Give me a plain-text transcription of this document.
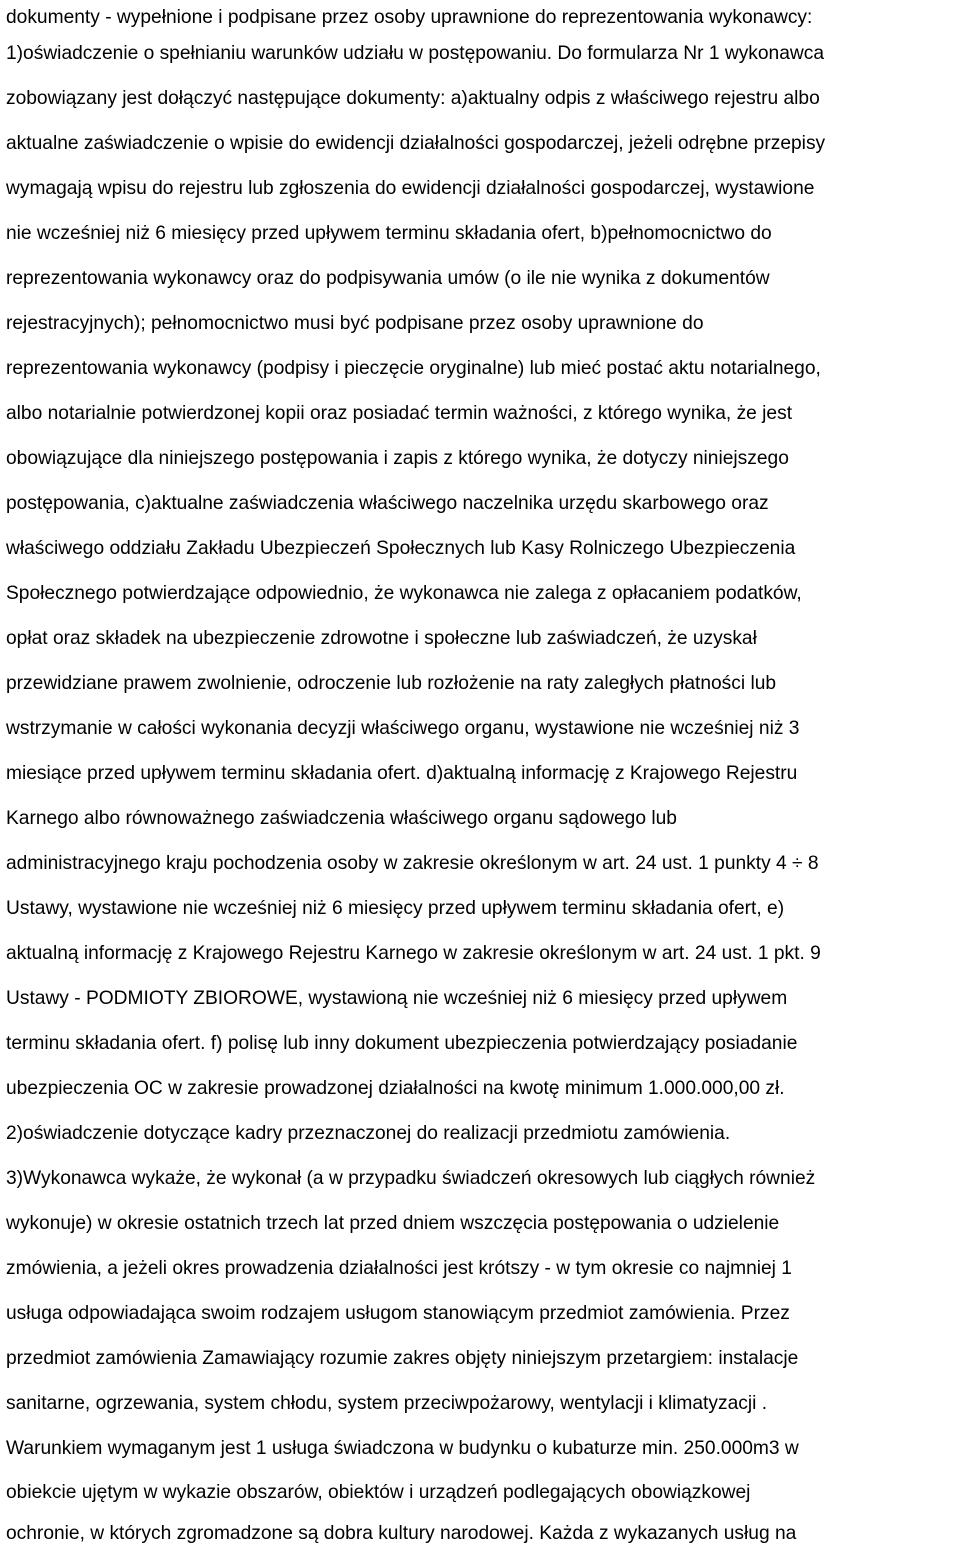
dokumenty - wypełnione i podpisane przez osoby uprawnione do reprezentowania wykonawcy:
1)oświadczenie o spełnianiu warunków udziału w postępowaniu. Do formularza Nr 1 wykonawca
zobowiązany jest dołączyć następujące dokumenty: a)aktualny odpis z właściwego rejestru albo
aktualne zaświadczenie o wpisie do ewidencji działalności gospodarczej, jeżeli odrębne przepisy
wymagają wpisu do rejestru lub zgłoszenia do ewidencji działalności gospodarczej, wystawione
nie wcześniej niż 6 miesięcy przed upływem terminu składania ofert, b)pełnomocnictwo do
reprezentowania wykonawcy oraz do podpisywania umów (o ile nie wynika z dokumentów
rejestracyjnych); pełnomocnictwo musi być podpisane przez osoby uprawnione do
reprezentowania wykonawcy (podpisy i pieczęcie oryginalne) lub mieć postać aktu notarialnego,
albo notarialnie potwierdzonej kopii oraz posiadać termin ważności, z którego wynika, że jest
obowiązujące dla niniejszego postępowania i zapis z którego wynika, że dotyczy niniejszego
postępowania, c)aktualne zaświadczenia właściwego naczelnika urzędu skarbowego oraz
właściwego oddziału Zakładu Ubezpieczeń Społecznych lub Kasy Rolniczego Ubezpieczenia
Społecznego potwierdzające odpowiednio, że wykonawca nie zalega z opłacaniem podatków,
opłat oraz składek na ubezpieczenie zdrowotne i społeczne lub zaświadczeń, że uzyskał
przewidziane prawem zwolnienie, odroczenie lub rozłożenie na raty zaległych płatności lub
wstrzymanie w całości wykonania decyzji właściwego organu, wystawione nie wcześniej niż 3
miesiące przed upływem terminu składania ofert. d)aktualną informację z Krajowego Rejestru
Karnego albo równoważnego zaświadczenia właściwego organu sądowego lub
administracyjnego kraju pochodzenia osoby w zakresie określonym w art. 24 ust. 1 punkty 4 ÷ 8
Ustawy, wystawione nie wcześniej niż 6 miesięcy przed upływem terminu składania ofert, e)
aktualną informację z Krajowego Rejestru Karnego w zakresie określonym w art. 24 ust. 1 pkt. 9
Ustawy - PODMIOTY ZBIOROWE, wystawioną nie wcześniej niż 6 miesięcy przed upływem
terminu składania ofert. f) polisę lub inny dokument ubezpieczenia potwierdzający posiadanie
ubezpieczenia OC w zakresie prowadzonej działalności na kwotę minimum 1.000.000,00 zł.
2)oświadczenie dotyczące kadry przeznaczonej do realizacji przedmiotu zamówienia.
3)Wykonawca wykaże, że wykonał (a w przypadku świadczeń okresowych lub ciągłych również
wykonuje) w okresie ostatnich trzech lat przed dniem wszczęcia postępowania o udzielenie
zmówienia, a jeżeli okres prowadzenia działalności jest krótszy - w tym okresie co najmniej 1
usługa odpowiadająca swoim rodzajem usługom stanowiącym przedmiot zamówienia. Przez
przedmiot zamówienia Zamawiający rozumie zakres objęty niniejszym przetargiem: instalacje
sanitarne, ogrzewania, system chłodu, system przeciwpożarowy, wentylacji i klimatyzacji .
Warunkiem wymaganym jest 1 usługa świadczona w budynku o kubaturze min. 250.000m3 w
obiekcie ujętym w wykazie obszarów, obiektów i urządzeń podlegających obowiązkowej
ochronie, w których zgromadzone są dobra kultury narodowej. Każda z wykazanych usług na
